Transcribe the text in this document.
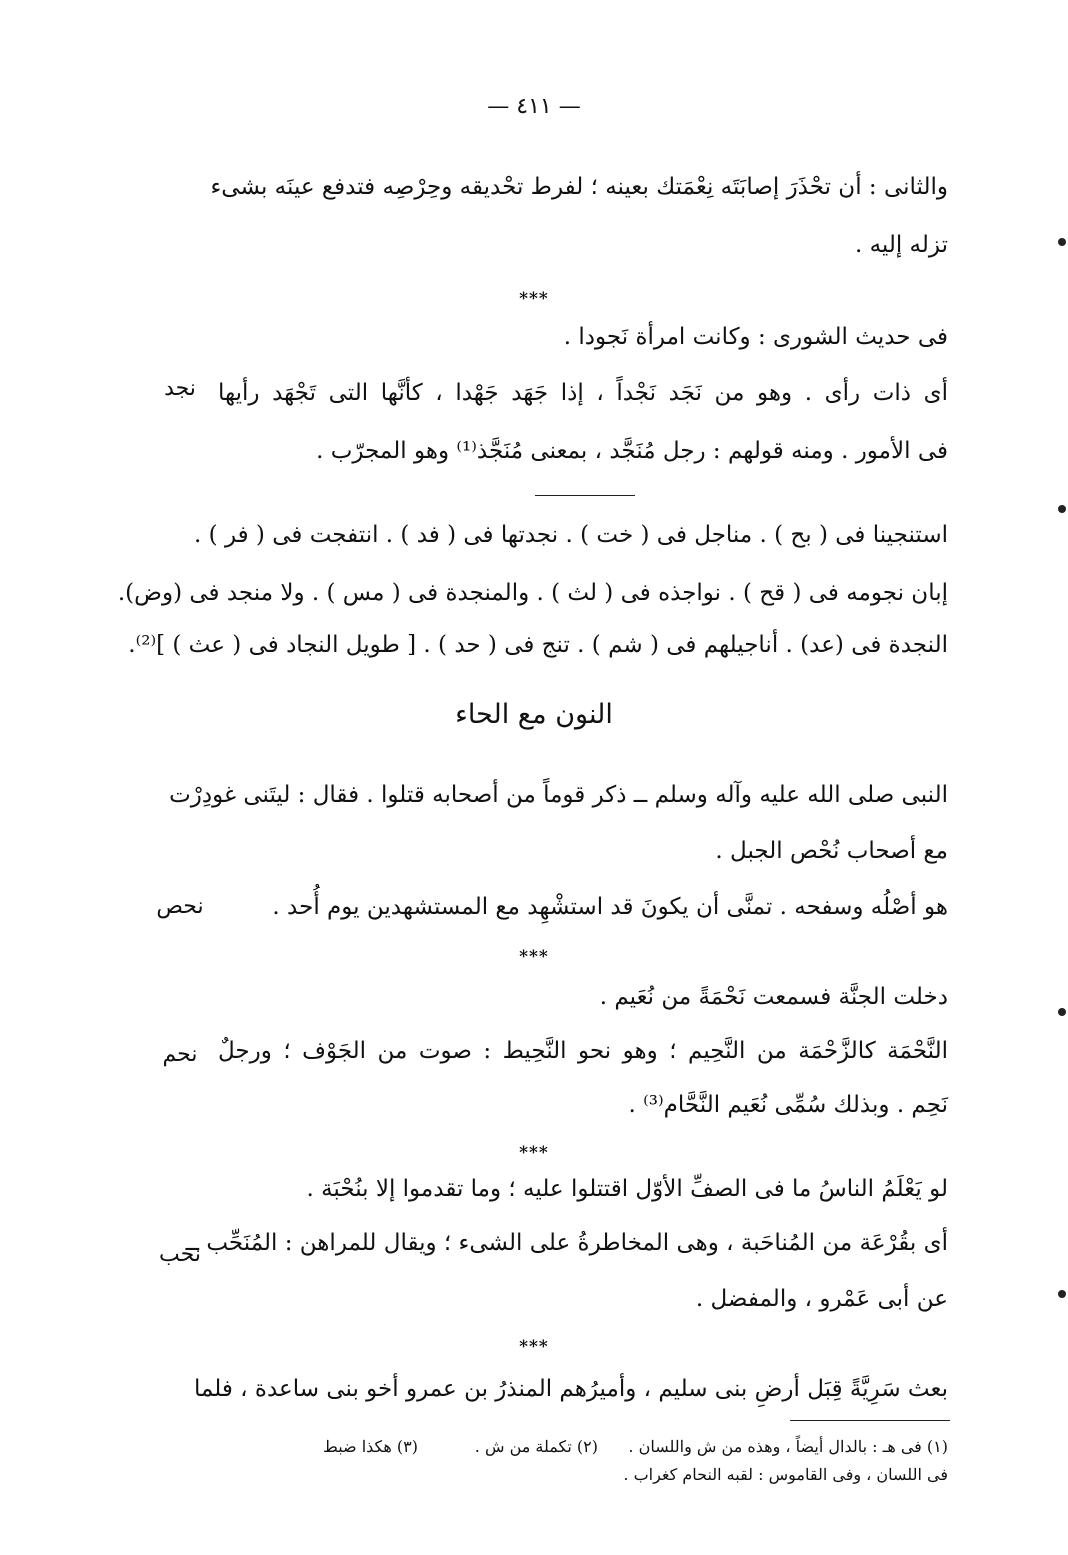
— ٤١١ —
والثانى : أن تحْذَرَ إصابَتَه نِعْمَتك بعينه ؛ لفرط تحْديقه وحِرْصِه فتدفع عينَه بشىء
تزله إليه .
***
فى حديث الشورى : وكانت امرأة نَجودا .
أى ذات رأى . وهو من نَجَد نَجْداً ، إذا جَهَد جَهْدا ، كأنَّها التى تَجْهَد رأيها
نجد
فى الأمور . ومنه قولهم : رجل مُنَجَّد ، بمعنى مُنَجَّذ⁽¹⁾ وهو المجرّب .
استنجينا فى ( بح ) . مناجل فى ( خت ) . نجدتها فى ( فد ) . انتفجت فى ( فر ) .
إبان نجومه فى ( قح ) . نواجذه فى ( لث ) . والمنجدة فى ( مس ) . ولا منجد فى (وض).
النجدة فى (عد) . أناجيلهم فى ( شم ) . تنج فى ( حد ) . [ طويل النجاد فى ( عث ) ]⁽²⁾.
النون مع الحاء
النبى صلى الله عليه وآله وسلم ــ ذكر قوماً من أصحابه قتلوا . فقال : ليتَنى غودِرْت
مع أصحاب نُحْص الجبل .
هو أصْلُه وسفحه . تمنَّى أن يكونَ قد استشْهِد مع المستشهدين يوم أُحد .
نحص
***
دخلت الجنَّة فسمعت نَحْمَةً من نُعَيم .
النَّحْمَة كالزَّحْمَة من النَّحِيم ؛ وهو نحو النَّحِيط : صوت من الجَوْف ؛ ورجلٌ
نحم
نَحِم . وبذلك سُمِّى نُعَيم النَّحَّام⁽³⁾ .
***
لو يَعْلَمُ الناسُ ما فى الصفِّ الأوّل اقتتلوا عليه ؛ وما تقدموا إلا بنُحْبَة .
أى بقُرْعَة من المُناحَبة ، وهى المخاطرةُ على الشىء ؛ ويقال للمراهن : المُنَحِّب ــ
نحب
عن أبى عَمْرو ، والمفضل .
***
بعث سَرِيَّةً قِبَل أرضِ بنى سليم ، وأميرُهم المنذرُ بن عمرو أخو بنى ساعدة ، فلما
(١) فى هـ : بالدال أيضاً ، وهذه من ش واللسان .
(٢) تكملة من ش .
(٣) هكذا ضبط
فى اللسان ، وفى القاموس : لقبه النحام كغراب .
